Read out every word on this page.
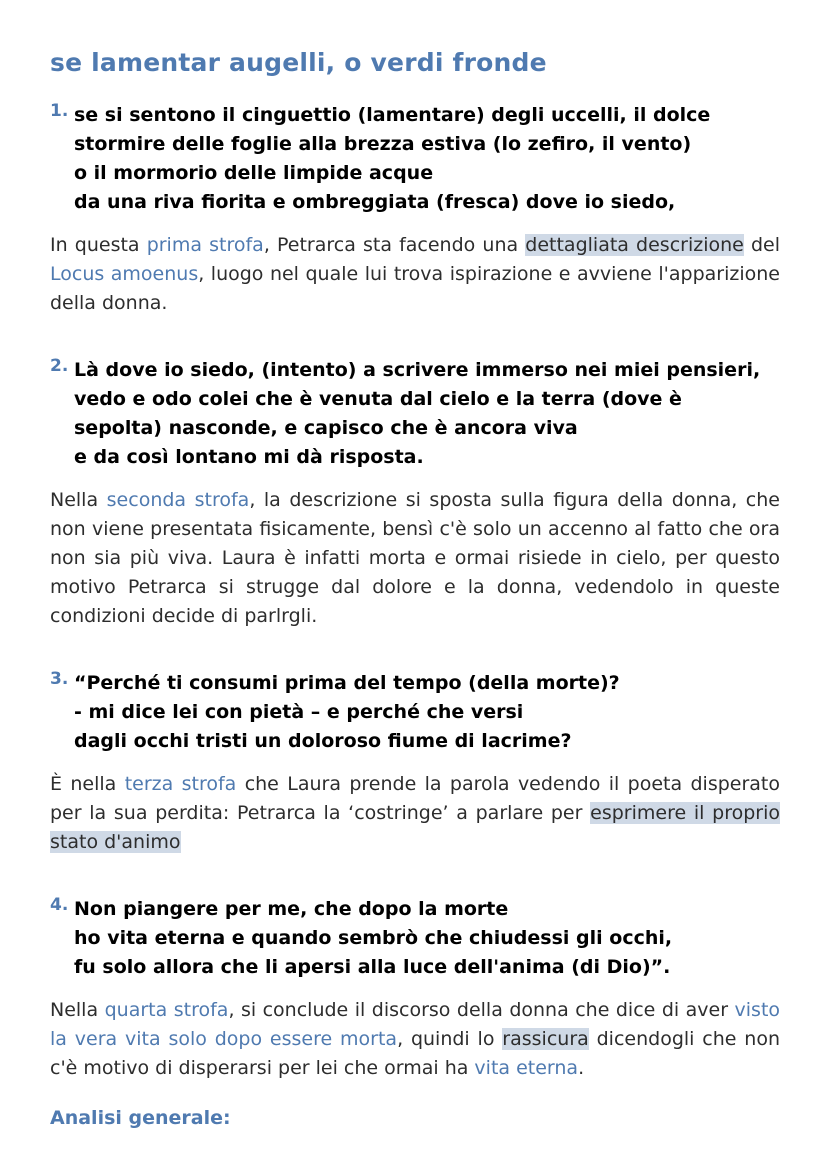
se lamentar augelli, o verdi fronde
1. se si sentono il cinguettio (lamentare) degli uccelli, il dolce
stormire delle foglie alla brezza estiva (lo zefiro, il vento)
o il mormorio delle limpide acque
da una riva fiorita e ombreggiata (fresca) dove io siedo,

In questa prima strofa, Petrarca sta facendo una dettagliata descrizione del Locus amoenus, luogo nel quale lui trova ispirazione e avviene l'apparizione della donna.

2. Là dove io siedo, (intento) a scrivere immerso nei miei pensieri,
vedo e odo colei che è venuta dal cielo e la terra (dove è
sepolta) nasconde, e capisco che è ancora viva
e da così lontano mi dà risposta.

Nella seconda strofa, la descrizione si sposta sulla figura della donna, che non viene presentata fisicamente, bensì c'è solo un accenno al fatto che ora non sia più viva. Laura è infatti morta e ormai risiede in cielo, per questo motivo Petrarca si strugge dal dolore e la donna, vedendolo in queste condizioni decide di parlrgli.

3. “Perché ti consumi prima del tempo (della morte)?
- mi dice lei con pietà – e perché che versi
dagli occhi tristi un doloroso fiume di lacrime?

È nella terza strofa che Laura prende la parola vedendo il poeta disperato per la sua perdita: Petrarca la ‘costringe’ a parlare per esprimere il proprio stato d'animo

4. Non piangere per me, che dopo la morte
ho vita eterna e quando sembrò che chiudessi gli occhi,
fu solo allora che li apersi alla luce dell'anima (di Dio)”.

Nella quarta strofa, si conclude il discorso della donna che dice di aver visto la vera vita solo dopo essere morta, quindi lo rassicura dicendogli che non c'è motivo di disperarsi per lei che ormai ha vita eterna.

Analisi generale:
